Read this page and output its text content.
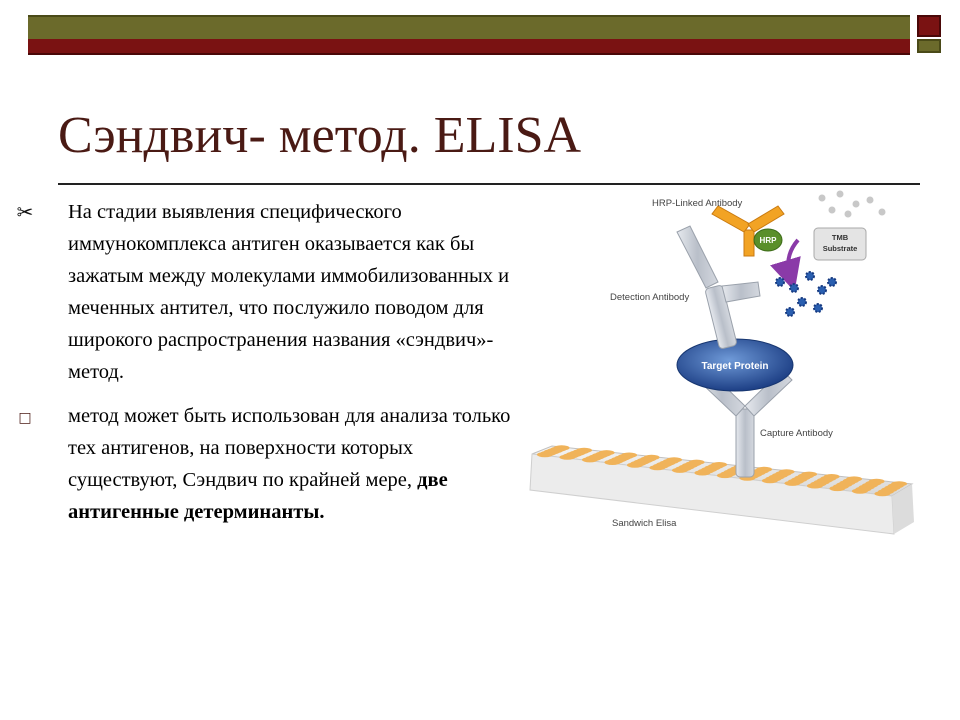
Сэндвич- метод. ELISA
✂	На стадии выявления специфического иммунокомплекса антиген оказывается как бы зажатым между молекулами иммобилизованных и меченных антител, что послужило поводом для широкого распространения названия «сэндвич»-метод.
□	метод может быть использован для анализа только тех антигенов, на поверхности которых существуют, Сэндвич по крайней мере, две антигенные детерминанты.
Target Protein
HRP	TMB
Substrate
HRP-Linked Antibody
Detection Antibody
Capture Antibody
Sandwich Elisa
